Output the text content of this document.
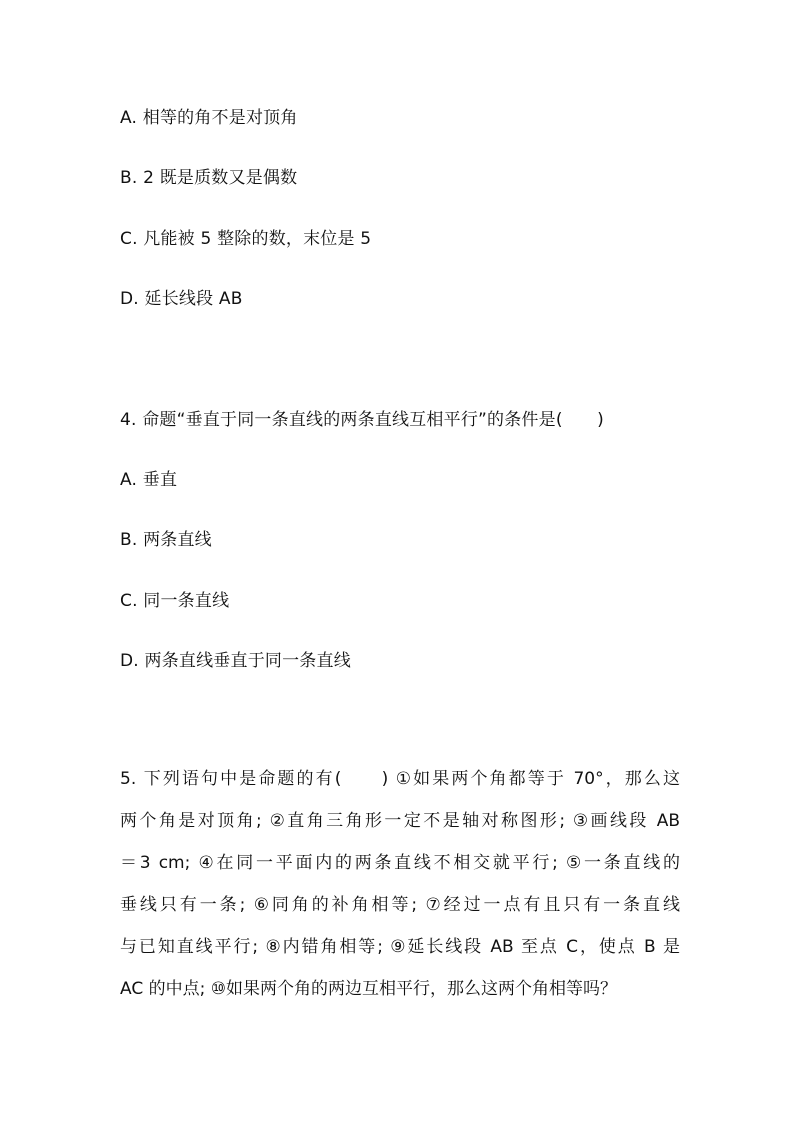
A. 相等的角不是对顶角
B. 2 既是质数又是偶数
C. 凡能被 5 整除的数，末位是 5
D. 延长线段 AB
4. 命题“垂直于同一条直线的两条直线互相平行”的条件是(　　)
A. 垂直
B. 两条直线
C. 同一条直线
D. 两条直线垂直于同一条直线
5. 下列语句中是命题的有(　　) ①如果两个角都等于 70°，那么这
两个角是对顶角; ②直角三角形一定不是轴对称图形; ③画线段 AB
＝3 cm; ④在同一平面内的两条直线不相交就平行; ⑤一条直线的
垂线只有一条; ⑥同角的补角相等; ⑦经过一点有且只有一条直线
与已知直线平行; ⑧内错角相等; ⑨延长线段 AB 至点 C，使点 B 是
AC 的中点; ⑩如果两个角的两边互相平行，那么这两个角相等吗？
